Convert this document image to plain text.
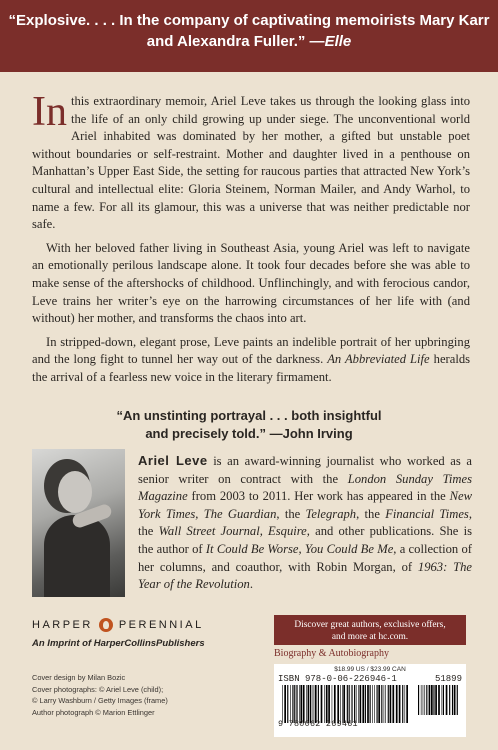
“Explosive. . . . In the company of captivating memoirists Mary Karr and Alexandra Fuller.” —Elle

In this extraordinary memoir, Ariel Leve takes us through the looking glass into the life of an only child growing up under siege. The unconventional world Ariel inhabited was dominated by her mother, a gifted but unstable poet without boundaries or self-restraint. Mother and daughter lived in a penthouse on Manhattan’s Upper East Side, the setting for raucous parties that attracted New York’s cultural and intellectual elite: Gloria Steinem, Norman Mailer, and Andy Warhol, to name a few. For all its glamour, this was a universe that was neither predictable nor safe.

With her beloved father living in Southeast Asia, young Ariel was left to navigate an emotionally perilous landscape alone. It took four decades before she was able to make sense of the aftershocks of childhood. Unflinchingly, and with ferocious candor, Leve trains her writer’s eye on the harrowing circumstances of her life with (and without) her mother, and transforms the chaos into art.

In stripped-down, elegant prose, Leve paints an indelible portrait of her upbringing and the long fight to tunnel her way out of the darkness. An Abbreviated Life heralds the arrival of a fearless new voice in the literary firmament.

“An unstinting portrayal . . . both insightful
and precisely told.” —John Irving
Ariel Leve is an award-winning journalist who worked as a senior writer on contract with the London Sunday Times Magazine from 2003 to 2011. Her work has appeared in the New York Times, The Guardian, the Telegraph, the Financial Times, the Wall Street Journal, Esquire, and other publications. She is the author of It Could Be Worse, You Could Be Me, a collection of her columns, and coauthor, with Robin Morgan, of 1963: The Year of the Revolution.
HARPER PERENNIAL
An Imprint of HarperCollinsPublishers
Cover design by Milan Bozic
Cover photographs: © Ariel Leve (child);
© Larry Washburn / Getty Images (frame)
Author photograph © Marion Ettlinger
Discover great authors, exclusive offers,
and more at hc.com.
Biography & Autobiography
$18.99 US / $23.99 CAN
ISBN 978-0-06-226946-1	51899
9 780062 269461
